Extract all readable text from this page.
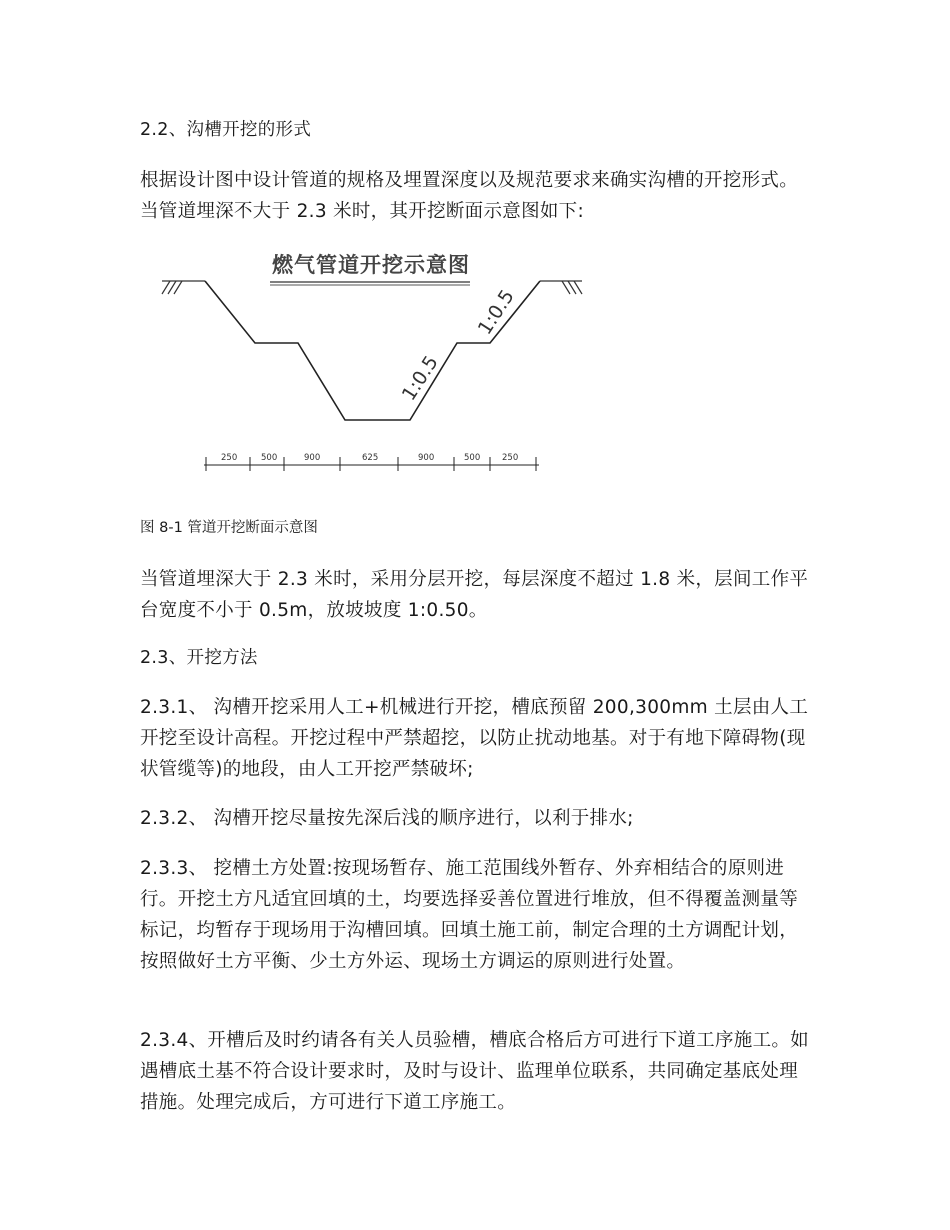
2.2、沟槽开挖的形式

根据设计图中设计管道的规格及埋置深度以及规范要求来确实沟槽的开挖形式。当管道埋深不大于 2.3 米时，其开挖断面示意图如下:

燃气管道开挖示意图
1:0.5
1:0.5
250	500	900	625	900	500	250

图 8-1 管道开挖断面示意图

当管道埋深大于 2.3 米时，采用分层开挖，每层深度不超过 1.8 米，层间工作平台宽度不小于 0.5m，放坡坡度 1:0.50。

2.3、开挖方法

2.3.1、 沟槽开挖采用人工+机械进行开挖，槽底预留 200,300mm 土层由人工开挖至设计高程。开挖过程中严禁超挖，以防止扰动地基。对于有地下障碍物(现状管缆等)的地段，由人工开挖严禁破坏;

2.3.2、 沟槽开挖尽量按先深后浅的顺序进行，以利于排水;

2.3.3、 挖槽土方处置:按现场暂存、施工范围线外暂存、外弃相结合的原则进行。开挖土方凡适宜回填的土，均要选择妥善位置进行堆放，但不得覆盖测量等标记，均暂存于现场用于沟槽回填。回填土施工前，制定合理的土方调配计划，按照做好土方平衡、少土方外运、现场土方调运的原则进行处置。

2.3.4、开槽后及时约请各有关人员验槽，槽底合格后方可进行下道工序施工。如遇槽底土基不符合设计要求时，及时与设计、监理单位联系，共同确定基底处理措施。处理完成后，方可进行下道工序施工。
